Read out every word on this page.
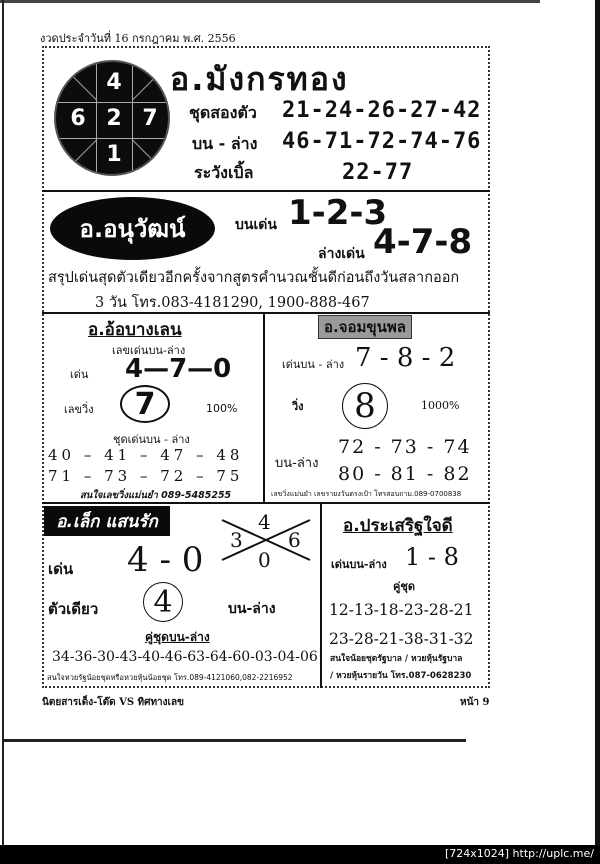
งวดประจำวันที่ 16 กรกฎาคม พ.ศ. 2556
4
6 2 7
1
อ.มังกรทอง
ชุดสองตัว 21-24-26-27-42
บน - ล่าง 46-71-72-74-76
ระวังเบิ้ล	22-77
อ.อนุวัฒน์	บนเด่น 1-2-3
ล่างเด่น 4-7-8
สรุปเด่นสุดตัวเดียวอีกครั้งจากสูตรคำนวณชั้นดีก่อนถึงวันสลากออก
3 วัน โทร.083-4181290, 1900-888-467
อ.อ้อบางเลน
เลขเด่นบน-ล่าง
เด่น 4—7—0
เลขวิ่ง 7	100%
ชุดเด่นบน - ล่าง
40 – 41 – 47 – 48
71 – 73 – 72 – 75
สนใจเลขวิ่งแม่นยำ 089-5485255
อ.จอมขุนพล
เด่นบน - ล่าง 7 - 8 - 2
วิ่ง 8	1000%
72 - 73 - 74
บน-ล่าง 80 - 81 - 82
เลขวิ่งแม่นยำ เลขรายงวันตรงเป้า โทรสอบถาม.089-0700838
อ.เล็ก แสนรัก	4
3 6
0
เด่น 4 - 0
ตัวเดียว 4	บน-ล่าง
คู่ชุดบน-ล่าง
34-36-30-43-40-46-63-64-60-03-04-06
สนใจหวยรัฐน้อยชุดหรือหวยหุ้นน้อยชุด โทร.089-4121060,082-2216952
อ.ประเสริฐใจดี
เด่นบน-ล่าง 1 - 8
คู่ชุด
12-13-18-23-28-21
23-28-21-38-31-32
สนใจน้อยชุดรัฐบาล / หวยหุ้นรัฐบาล
/ หวยหุ้นรายวัน โทร.087-0628230
นิตยสารเด็ง-โต๊ด VS ทิศทางเลข	หน้า 9
[724x1024] http://uplc.me/
